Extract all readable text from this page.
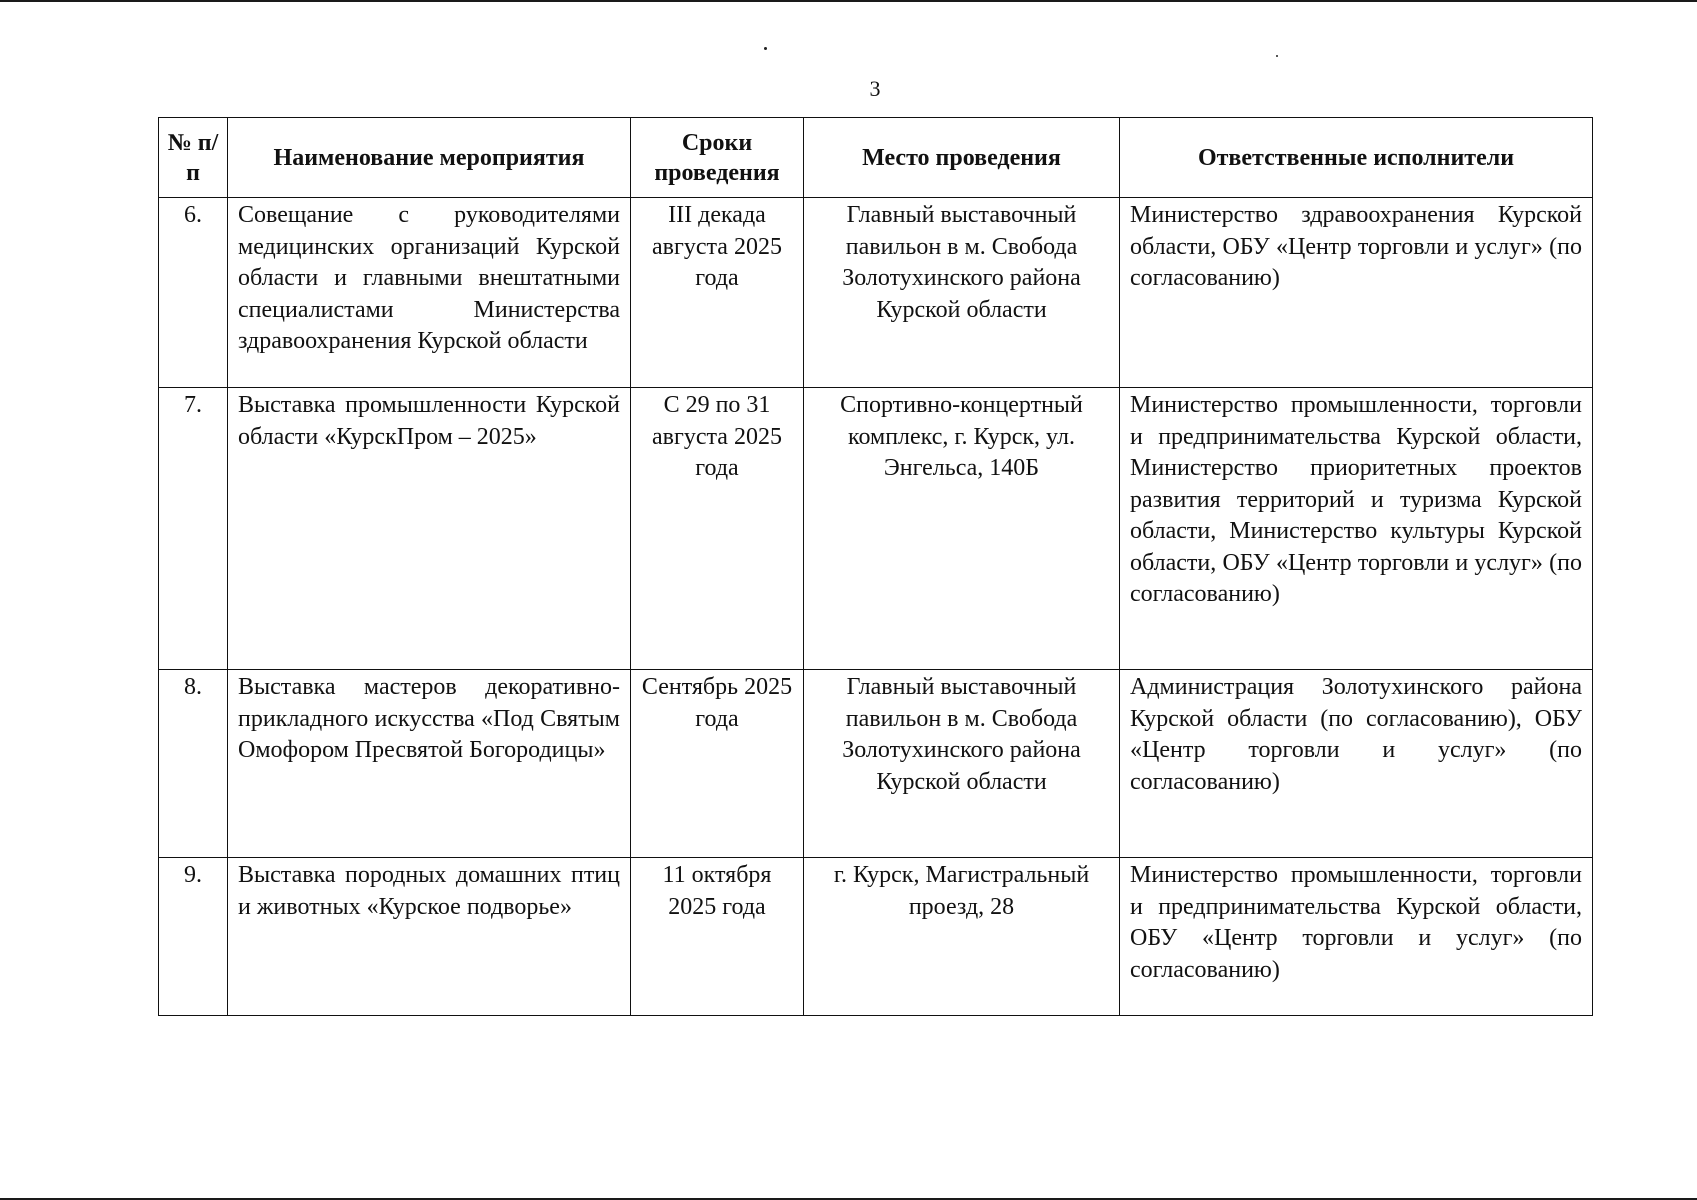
3
№ п/п	Наименование мероприятия	Сроки проведения	Место проведения	Ответственные исполнители
6.	Совещание с руководителями медицинских организаций Курской области и главными внештатными специалистами Министерства здравоохранения Курской области	III декада августа 2025 года	Главный выставочный павильон в м. Свобода Золотухинского района Курской области	Министерство здравоохранения Курской области, ОБУ «Центр торговли и услуг» (по согласованию)
7.	Выставка промышленности Курской области «КурскПром – 2025»	С 29 по 31 августа 2025 года	Спортивно-концертный комплекс, г. Курск, ул. Энгельса, 140Б	Министерство промышленности, торговли и предпринимательства Курской области, Министерство приоритетных проектов развития территорий и туризма Курской области, Министерство культуры Курской области, ОБУ «Центр торговли и услуг» (по согласованию)
8.	Выставка мастеров декоративно-прикладного искусства «Под Святым Омофором Пресвятой Богородицы»	Сентябрь 2025 года	Главный выставочный павильон в м. Свобода Золотухинского района Курской области	Администрация Золотухинского района Курской области (по согласованию), ОБУ «Центр торговли и услуг» (по согласованию)
9.	Выставка породных домашних птиц и животных «Курское подворье»	11 октября 2025 года	г. Курск, Магистральный проезд, 28	Министерство промышленности, торговли и предпринимательства Курской области, ОБУ «Центр торговли и услуг» (по согласованию)
